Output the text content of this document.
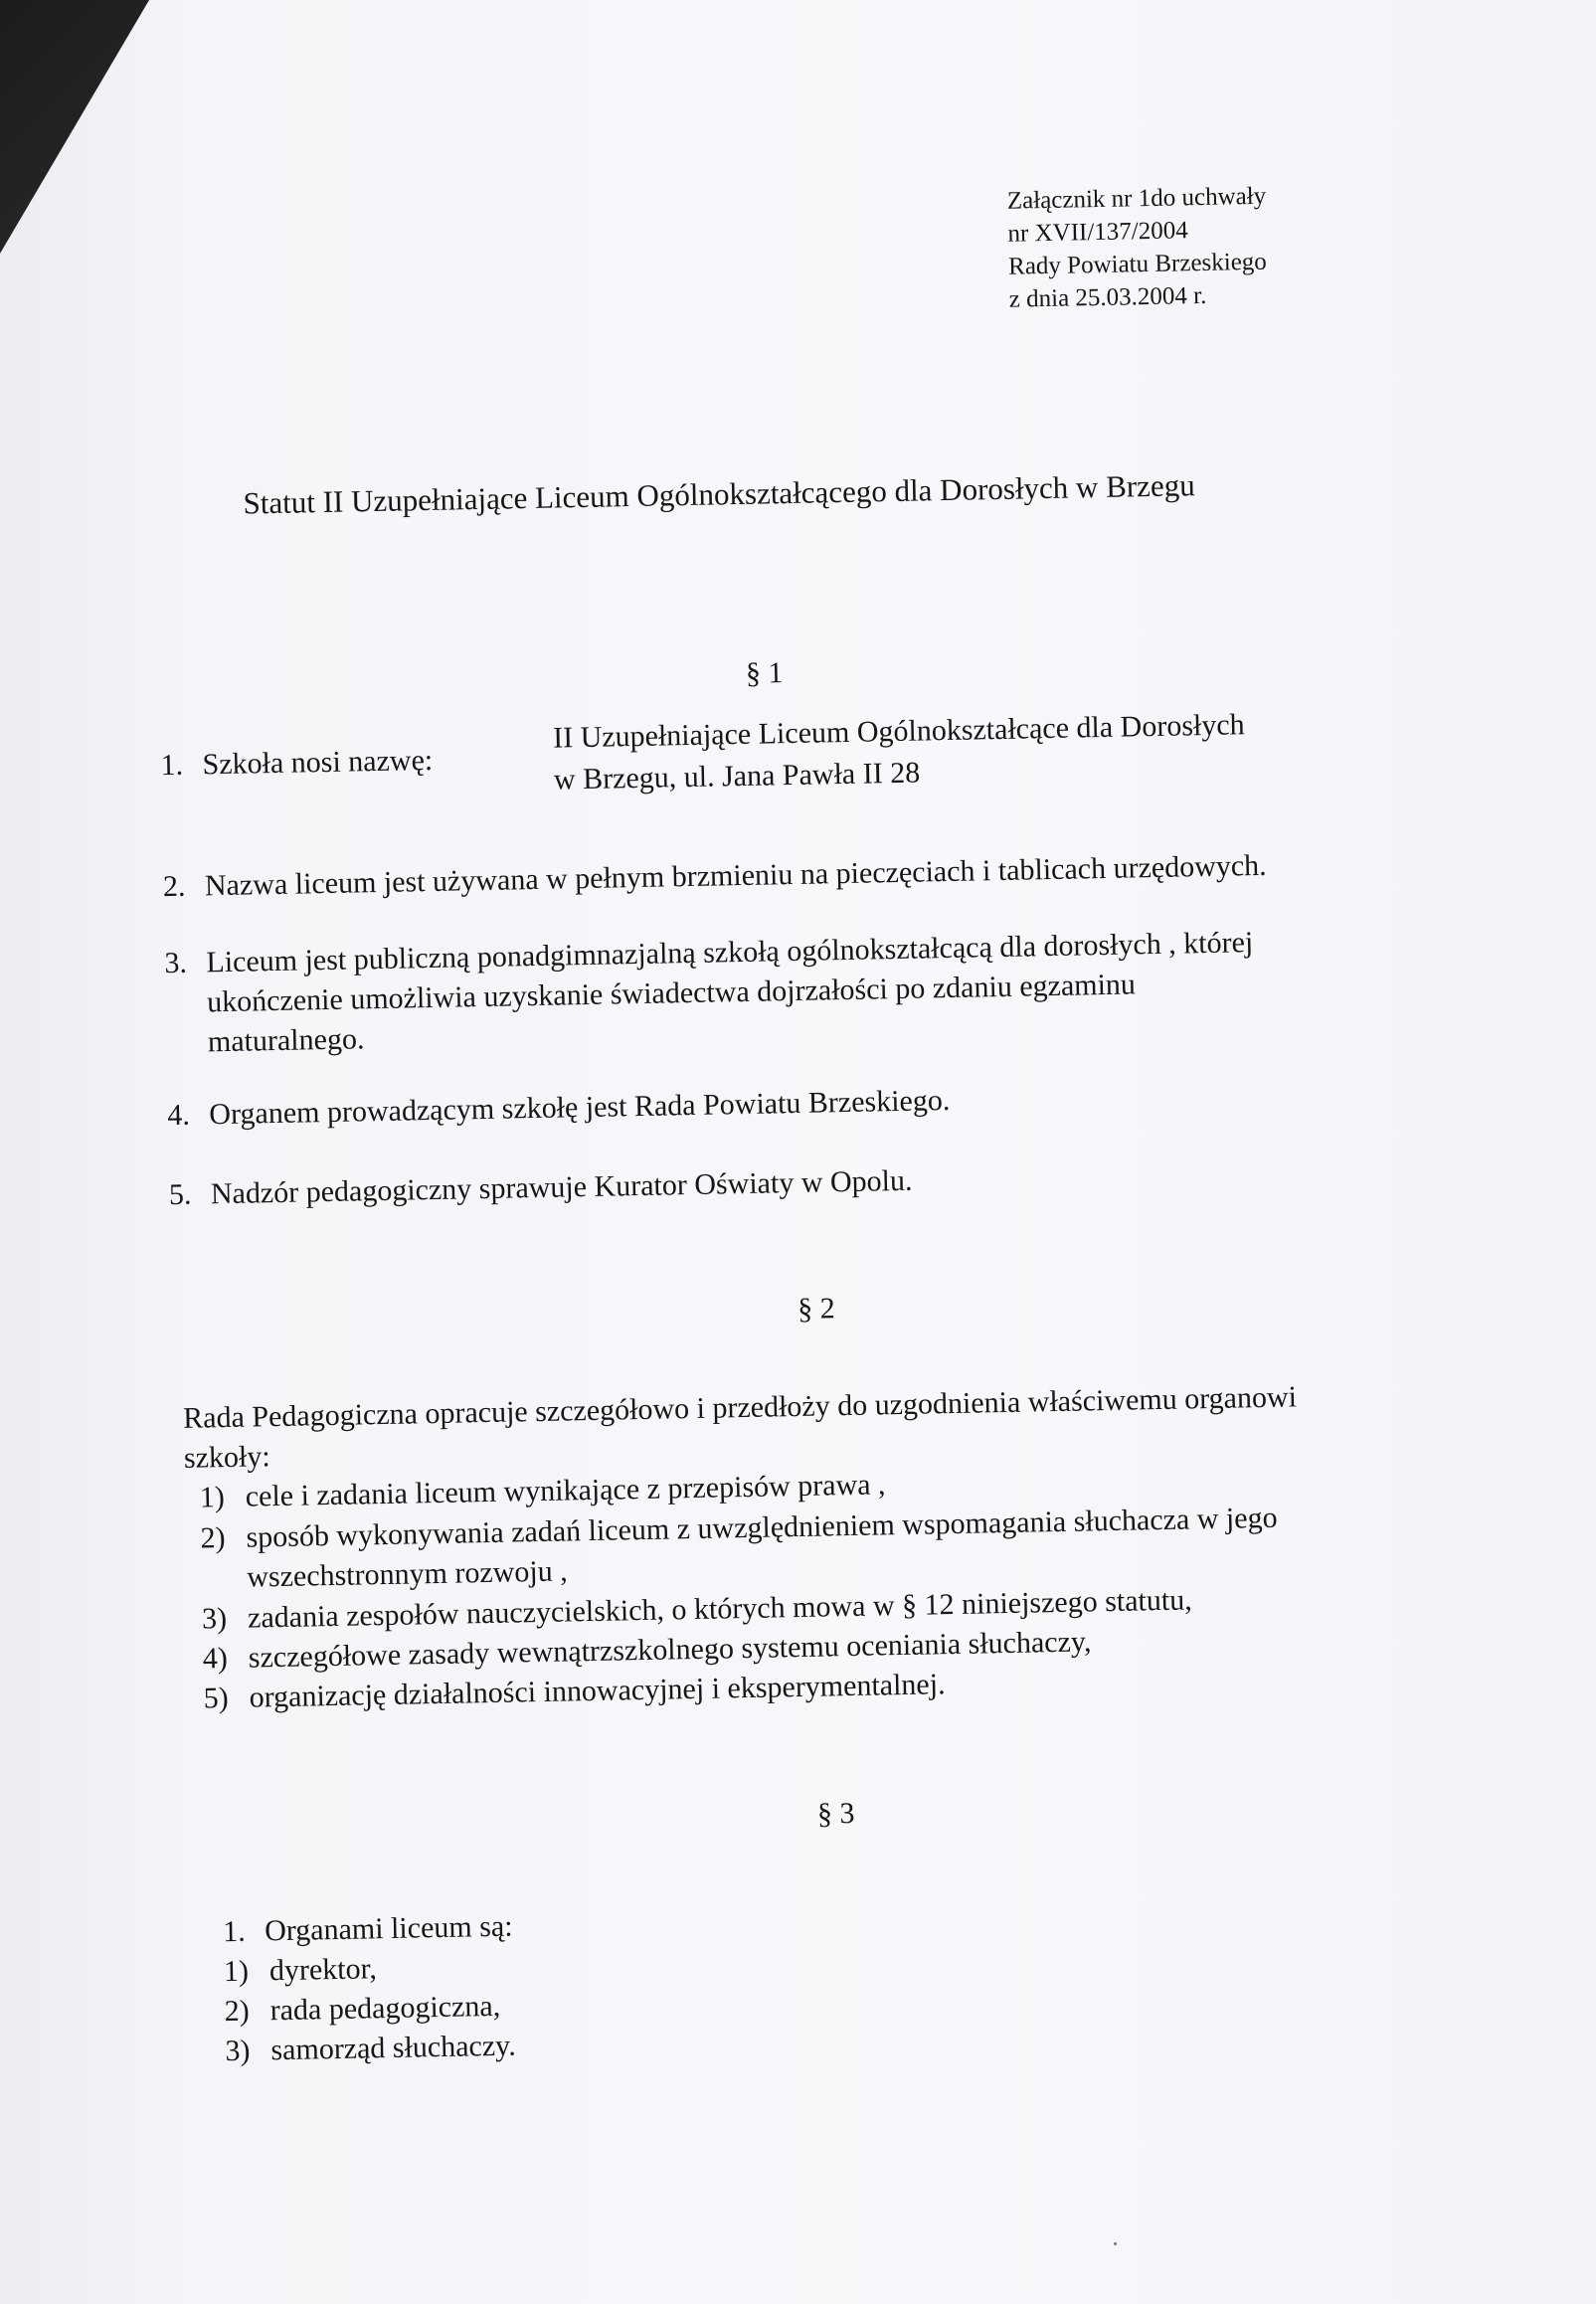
Załącznik nr 1do uchwały
nr XVII/137/2004
Rady Powiatu Brzeskiego
z dnia 25.03.2004 r.
Statut II Uzupełniające Liceum Ogólnokształcącego dla Dorosłych w Brzegu
§ 1
1. Szkoła nosi nazwę:
II Uzupełniające Liceum Ogólnokształcące dla Dorosłych
w Brzegu, ul. Jana Pawła II 28
2. Nazwa liceum jest używana w pełnym brzmieniu na pieczęciach i tablicach urzędowych.
3. Liceum jest publiczną ponadgimnazjalną szkołą ogólnokształcącą dla dorosłych , której
ukończenie umożliwia uzyskanie świadectwa dojrzałości po zdaniu egzaminu
maturalnego.
4. Organem prowadzącym szkołę jest Rada Powiatu Brzeskiego.
5. Nadzór pedagogiczny sprawuje Kurator Oświaty w Opolu.
§ 2
Rada Pedagogiczna opracuje szczegółowo i przedłoży do uzgodnienia właściwemu organowi
szkoły:
1) cele i zadania liceum wynikające z przepisów prawa ,
2) sposób wykonywania zadań liceum z uwzględnieniem wspomagania słuchacza w jego
wszechstronnym rozwoju ,
3) zadania zespołów nauczycielskich, o których mowa w § 12 niniejszego statutu,
4) szczegółowe zasady wewnątrzszkolnego systemu oceniania słuchaczy,
5) organizację działalności innowacyjnej i eksperymentalnej.
§ 3
1. Organami liceum są:
1) dyrektor,
2) rada pedagogiczna,
3) samorząd słuchaczy.
